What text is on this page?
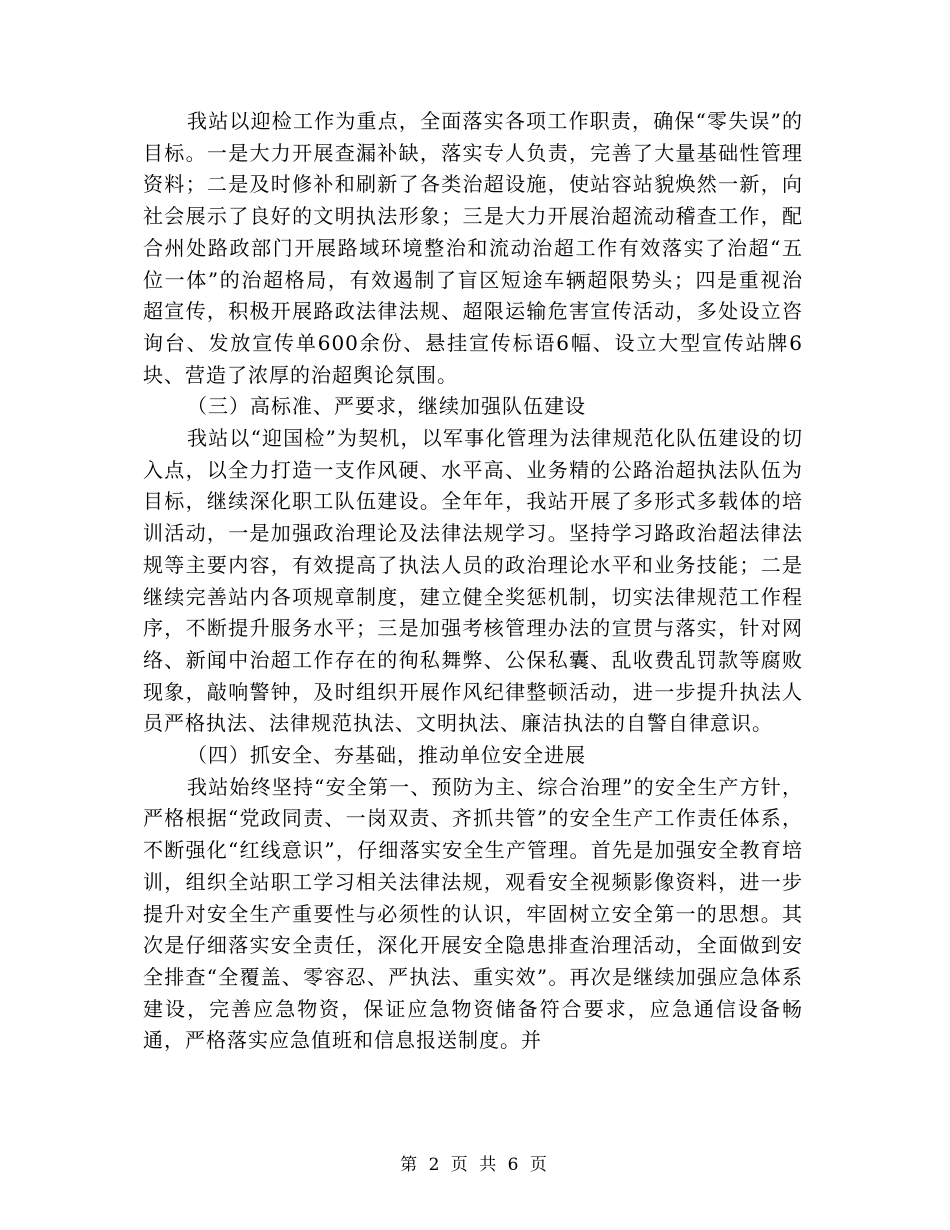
我站以迎检工作为重点，全面落实各项工作职责，确保“零失误”的目标。一是大力开展查漏补缺，落实专人负责，完善了大量基础性管理资料；二是及时修补和刷新了各类治超设施，使站容站貌焕然一新，向社会展示了良好的文明执法形象；三是大力开展治超流动稽查工作，配合州处路政部门开展路域环境整治和流动治超工作有效落实了治超“五位一体”的治超格局，有效遏制了盲区短途车辆超限势头；四是重视治超宣传，积极开展路政法律法规、超限运输危害宣传活动，多处设立咨询台、发放宣传单600余份、悬挂宣传标语6幅、设立大型宣传站牌6块、营造了浓厚的治超舆论氛围。

（三）高标准、严要求，继续加强队伍建设

我站以“迎国检”为契机，以军事化管理为法律规范化队伍建设的切入点，以全力打造一支作风硬、水平高、业务精的公路治超执法队伍为目标，继续深化职工队伍建设。全年年，我站开展了多形式多载体的培训活动，一是加强政治理论及法律法规学习。坚持学习路政治超法律法规等主要内容，有效提高了执法人员的政治理论水平和业务技能；二是继续完善站内各项规章制度，建立健全奖惩机制，切实法律规范工作程序，不断提升服务水平；三是加强考核管理办法的宣贯与落实，针对网络、新闻中治超工作存在的徇私舞弊、公保私囊、乱收费乱罚款等腐败现象，敲响警钟，及时组织开展作风纪律整顿活动，进一步提升执法人员严格执法、法律规范执法、文明执法、廉洁执法的自警自律意识。

（四）抓安全、夯基础，推动单位安全进展

我站始终坚持“安全第一、预防为主、综合治理”的安全生产方针，严格根据“党政同责、一岗双责、齐抓共管”的安全生产工作责任体系，不断强化“红线意识”，仔细落实安全生产管理。首先是加强安全教育培训，组织全站职工学习相关法律法规，观看安全视频影像资料，进一步提升对安全生产重要性与必须性的认识，牢固树立安全第一的思想。其次是仔细落实安全责任，深化开展安全隐患排查治理活动，全面做到安全排查“全覆盖、零容忍、严执法、重实效”。再次是继续加强应急体系建设，完善应急物资，保证应急物资储备符合要求，应急通信设备畅通，严格落实应急值班和信息报送制度。并

第 2 页 共 6 页
